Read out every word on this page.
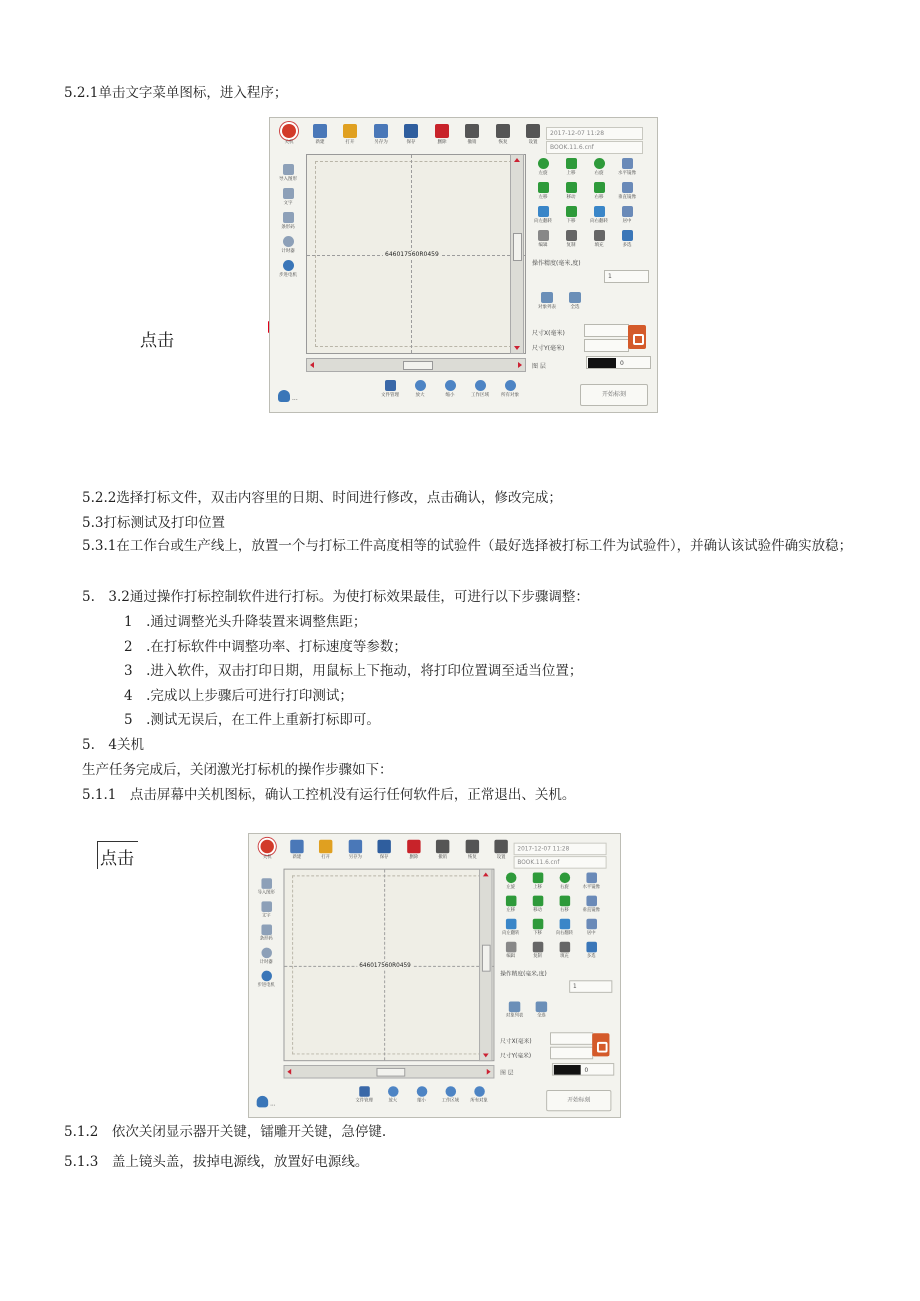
5.2.1单击文字菜单图标，进入程序；
点击
关机	新建	打开	另存为	保存	删除	撤销	恢复	设置
2017-12-07 11:28
BOOK.11.6.cnf
导入图形
文字
条形码
计时器
步进电机
646017560R0459
左旋	上移	右旋	水平镜像
左移	移动	右移	垂直镜像
向左翻转	下移	向右翻转	居中
编辑	复制	填充	多选
操作精度(毫米,度)
1
对象列表	全选
尺寸X(毫米)
尺寸Y(毫米)
图 层	0
...
文件管理	放大	缩小	工作区域	所有对象	开始标刻
5.2.2选择打标文件，双击内容里的日期、时间进行修改，点击确认，修改完成；
5.3打标测试及打印位置
5.3.1在工作台或生产线上，放置一个与打标工件高度相等的试验件（最好选择被打标工件为试验件），并确认该试验件确实放稳；
5.　3.2通过操作打标控制软件进行打标。为使打标效果最佳，可进行以下步骤调整：
1　.通过调整光头升降装置来调整焦距；
2　.在打标软件中调整功率、打标速度等参数；
3　.进入软件，双击打印日期，用鼠标上下拖动，将打印位置调至适当位置；
4　.完成以上步骤后可进行打印测试；
5　.测试无误后，在工件上重新打标即可。
5.　4关机
生产任务完成后，关闭激光打标机的操作步骤如下：
5.1.1　点击屏幕中关机图标，确认工控机没有运行任何软件后，正常退出、关机。
点击	关机	新建	打开	另存为	保存	删除	撤销	恢复	设置
2017-12-07 11:28
BOOK.11.6.cnf
导入图形
文字
条形码
计时器
步进电机
646017560R0459
左旋	上移	右旋	水平镜像
左移	移动	右移	垂直镜像
向左翻转	下移	向右翻转	居中
编辑	复制	填充	多选
操作精度(毫米,度)
1
对象列表	全选
尺寸X(毫米)
尺寸Y(毫米)
图 层	0
...
文件管理	放大	缩小	工作区域	所有对象	开始标刻
5.1.2　依次关闭显示器开关键，镭雕开关键，急停键.
5.1.3　盖上镜头盖，拔掉电源线，放置好电源线。
